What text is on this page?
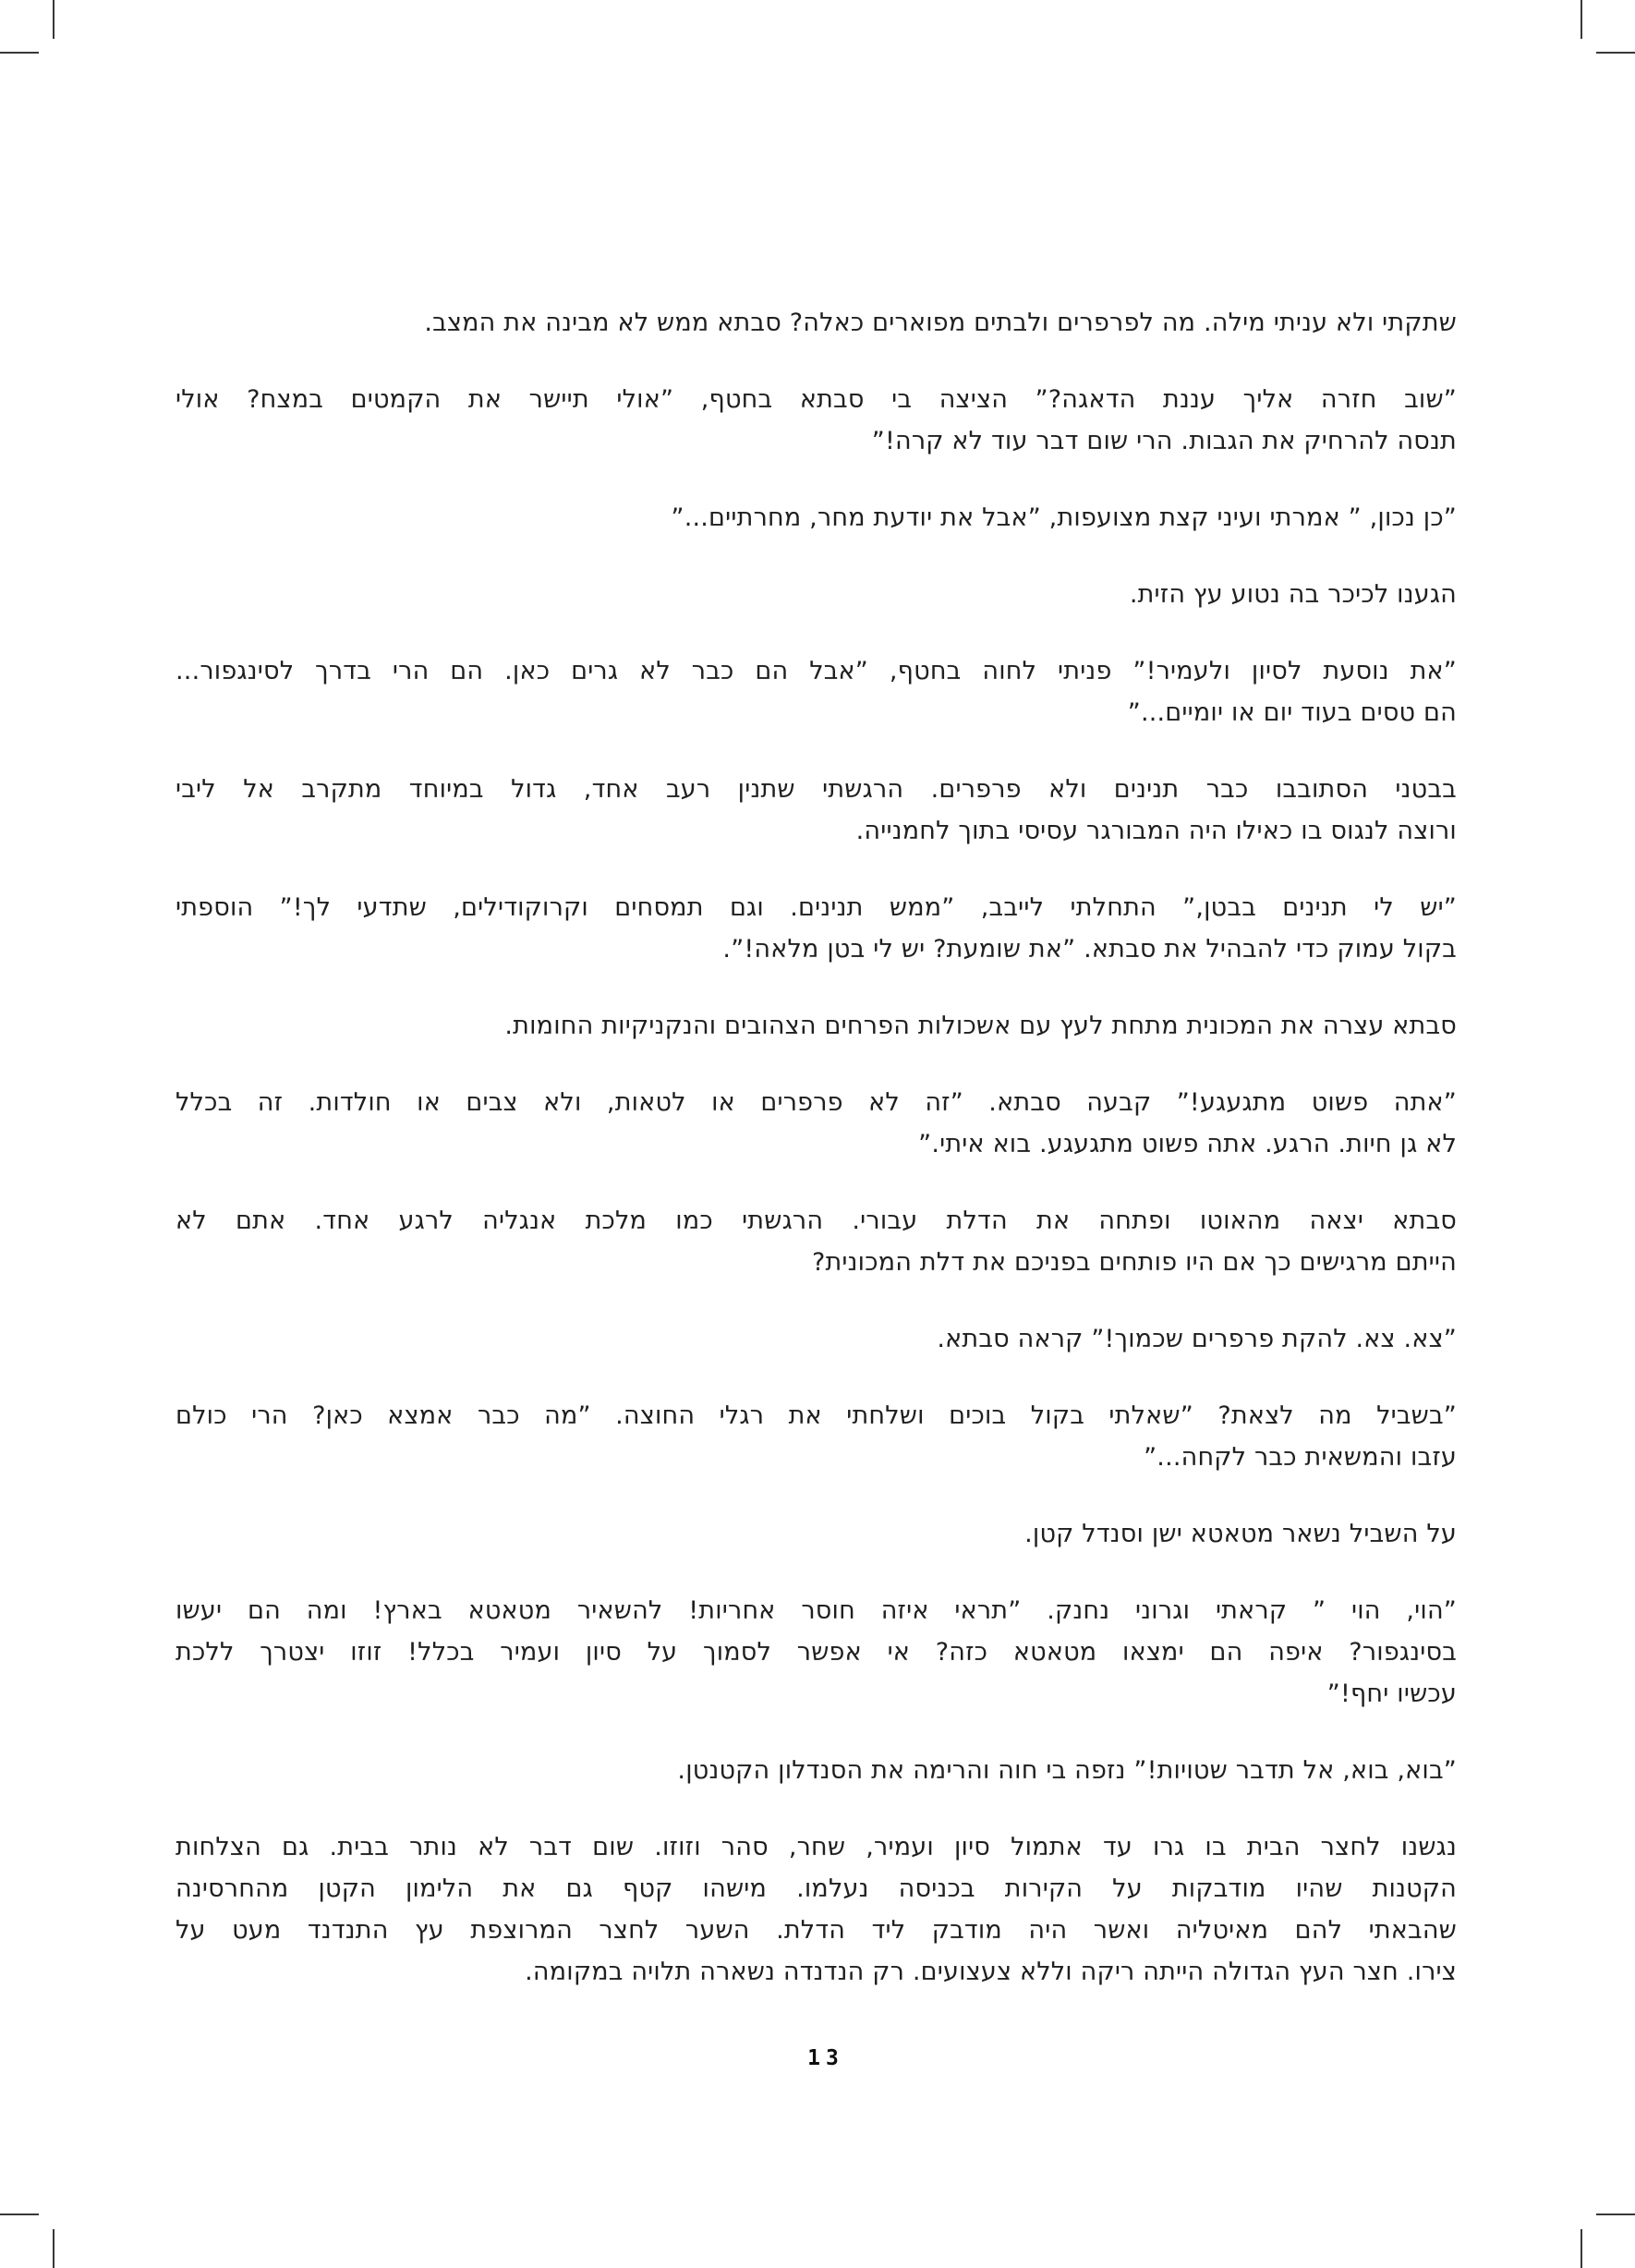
שתקתי ולא עניתי מילה. מה לפרפרים ולבתים מפוארים כאלה? סבתא ממש לא מבינה את המצב.

”שוב חזרה אליך עננת הדאגה?” הציצה בי סבתא בחטף, ”אולי תיישר את הקמטים במצח? אולי
תנסה להרחיק את הגבות. הרי שום דבר עוד לא קרה!”

”כן נכון, ” אמרתי ועיני קצת מצועפות, ”אבל את יודעת מחר, מחרתיים...”

הגענו לכיכר בה נטוע עץ הזית.

”את נוסעת לסיון ולעמיר!” פניתי לחוה בחטף, ”אבל הם כבר לא גרים כאן. הם הרי בדרך לסינגפור...
הם טסים בעוד יום או יומיים...”

בבטני הסתובבו כבר תנינים ולא פרפרים. הרגשתי שתנין רעב אחד, גדול במיוחד מתקרב אל ליבי
ורוצה לנגוס בו כאילו היה המבורגר עסיסי בתוך לחמנייה.

”יש לי תנינים בבטן,” התחלתי לייבב, ”ממש תנינים. וגם תמסחים וקרוקודילים, שתדעי לך!” הוספתי
בקול עמוק כדי להבהיל את סבתא. ”את שומעת? יש לי בטן מלאה!”.

סבתא עצרה את המכונית מתחת לעץ עם אשכולות הפרחים הצהובים והנקניקיות החומות.

”אתה פשוט מתגעגע!” קבעה סבתא. ”זה לא פרפרים או לטאות, ולא צבים או חולדות. זה בכלל
לא גן חיות. הרגע. אתה פשוט מתגעגע. בוא איתי.”

סבתא יצאה מהאוטו ופתחה את הדלת עבורי. הרגשתי כמו מלכת אנגליה לרגע אחד. אתם לא
הייתם מרגישים כך אם היו פותחים בפניכם את דלת המכונית?

”צא. צא. להקת פרפרים שכמוך!” קראה סבתא.

”בשביל מה לצאת? ”שאלתי בקול בוכים ושלחתי את רגלי החוצה. ”מה כבר אמצא כאן? הרי כולם
עזבו והמשאית כבר לקחה...”

על השביל נשאר מטאטא ישן וסנדל קטן.

”הוי, הוי ” קראתי וגרוני נחנק. ”תראי איזה חוסר אחריות! להשאיר מטאטא בארץ! ומה הם יעשו
בסינגפור? איפה הם ימצאו מטאטא כזה? אי אפשר לסמוך על סיון ועמיר בכלל! זוזו יצטרך ללכת
עכשיו יחף!”

”בוא, בוא, אל תדבר שטויות!” נזפה בי חוה והרימה את הסנדלון הקטנטן.

נגשנו לחצר הבית בו גרו עד אתמול סיון ועמיר, שחר, סהר וזוזו. שום דבר לא נותר בבית. גם הצלחות
הקטנות שהיו מודבקות על הקירות בכניסה נעלמו. מישהו קטף גם את הלימון הקטן מהחרסינה
שהבאתי להם מאיטליה ואשר היה מודבק ליד הדלת. השער לחצר המרוצפת עץ התנדנד מעט על
צירו. חצר העץ הגדולה הייתה ריקה וללא צעצועים. רק הנדנדה נשארה תלויה במקומה.

13
